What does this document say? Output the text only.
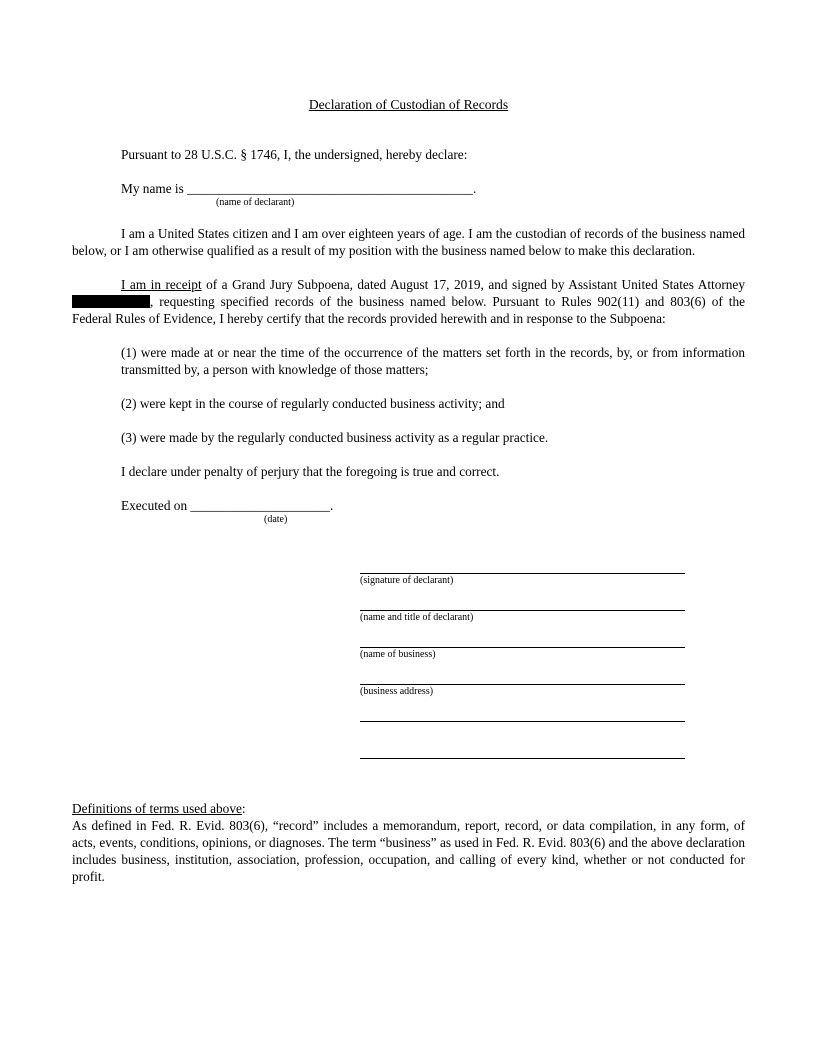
Declaration of Custodian of Records

Pursuant to 28 U.S.C. § 1746, I, the undersigned, hereby declare:

My name is ___________________________________________.

(name of declarant)

I am a United States citizen and I am over eighteen years of age. I am the custodian of records of the business named below, or I am otherwise qualified as a result of my position with the business named below to make this declaration.

I am in receipt of a Grand Jury Subpoena, dated August 17, 2019, and signed by Assistant United States Attorney , requesting specified records of the business named below. Pursuant to Rules 902(11) and 803(6) of the Federal Rules of Evidence, I hereby certify that the records provided herewith and in response to the Subpoena:

(1) were made at or near the time of the occurrence of the matters set forth in the records, by, or from information transmitted by, a person with knowledge of those matters;

(2) were kept in the course of regularly conducted business activity; and

(3) were made by the regularly conducted business activity as a regular practice.

I declare under penalty of perjury that the foregoing is true and correct.

Executed on _____________________.

(date)
(signature of declarant)
(name and title of declarant)
(name of business)
(business address)

Definitions of terms used above:

As defined in Fed. R. Evid. 803(6), “record” includes a memorandum, report, record, or data compilation, in any form, of acts, events, conditions, opinions, or diagnoses. The term “business” as used in Fed. R. Evid. 803(6) and the above declaration includes business, institution, association, profession, occupation, and calling of every kind, whether or not conducted for profit.
